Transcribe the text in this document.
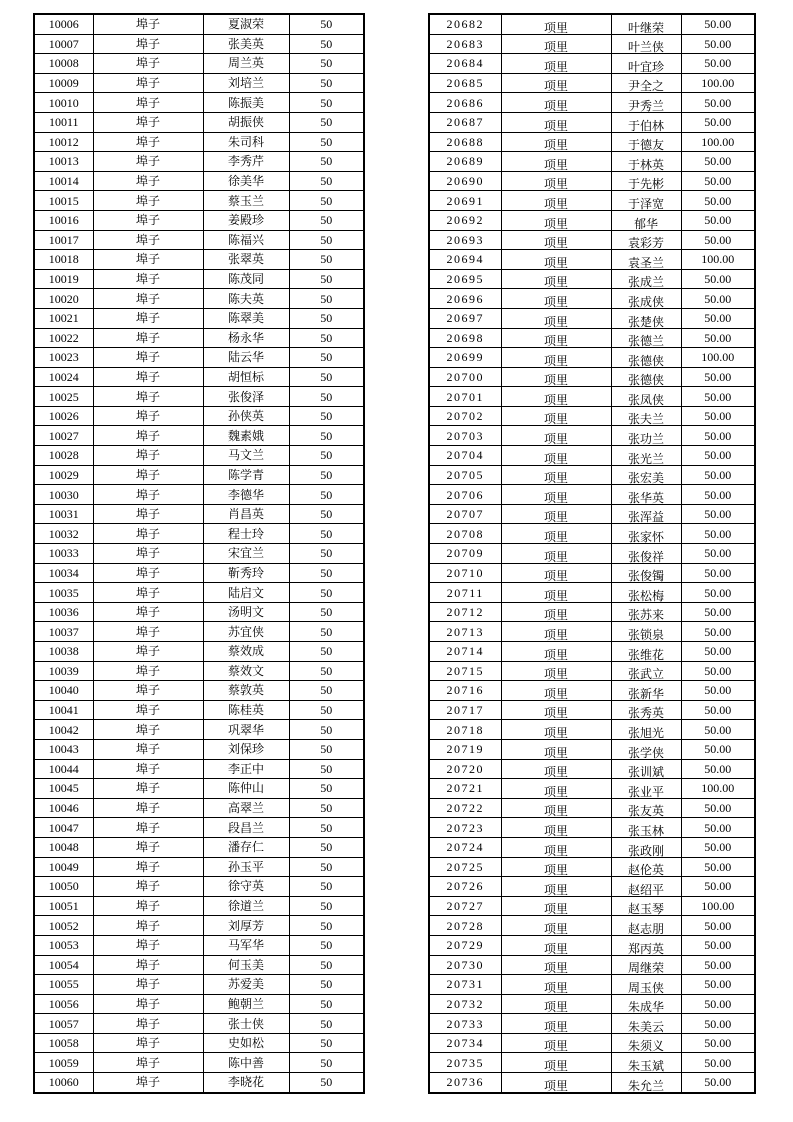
10006	埠子	夏淑荣	50
10007	埠子	张美英	50
10008	埠子	周兰英	50
10009	埠子	刘培兰	50
10010	埠子	陈振美	50
10011	埠子	胡振侠	50
10012	埠子	朱司科	50
10013	埠子	李秀芹	50
10014	埠子	徐美华	50
10015	埠子	蔡玉兰	50
10016	埠子	姜殿珍	50
10017	埠子	陈福兴	50
10018	埠子	张翠英	50
10019	埠子	陈茂同	50
10020	埠子	陈夫英	50
10021	埠子	陈翠美	50
10022	埠子	杨永华	50
10023	埠子	陆云华	50
10024	埠子	胡恒标	50
10025	埠子	张俊泽	50
10026	埠子	孙侠英	50
10027	埠子	魏素娥	50
10028	埠子	马文兰	50
10029	埠子	陈学青	50
10030	埠子	李德华	50
10031	埠子	肖昌英	50
10032	埠子	程士玲	50
10033	埠子	宋宜兰	50
10034	埠子	靳秀玲	50
10035	埠子	陆启文	50
10036	埠子	汤明文	50
10037	埠子	苏宜侠	50
10038	埠子	蔡效成	50
10039	埠子	蔡效文	50
10040	埠子	蔡敦英	50
10041	埠子	陈桂英	50
10042	埠子	巩翠华	50
10043	埠子	刘保珍	50
10044	埠子	李正中	50
10045	埠子	陈仲山	50
10046	埠子	高翠兰	50
10047	埠子	段昌兰	50
10048	埠子	潘存仁	50
10049	埠子	孙玉平	50
10050	埠子	徐守英	50
10051	埠子	徐道兰	50
10052	埠子	刘厚芳	50
10053	埠子	马军华	50
10054	埠子	何玉美	50
10055	埠子	苏爱美	50
10056	埠子	鲍朝兰	50
10057	埠子	张士侠	50
10058	埠子	史如松	50
10059	埠子	陈中善	50
10060	埠子	李晓花	50
20682	项里	叶继荣	50.00
20683	项里	叶兰侠	50.00
20684	项里	叶宜珍	50.00
20685	项里	尹全之	100.00
20686	项里	尹秀兰	50.00
20687	项里	于伯林	50.00
20688	项里	于德友	100.00
20689	项里	于林英	50.00
20690	项里	于先彬	50.00
20691	项里	于泽宽	50.00
20692	项里	郁华	50.00
20693	项里	袁彩芳	50.00
20694	项里	袁圣兰	100.00
20695	项里	张成兰	50.00
20696	项里	张成侠	50.00
20697	项里	张楚侠	50.00
20698	项里	张德兰	50.00
20699	项里	张德侠	100.00
20700	项里	张德侠	50.00
20701	项里	张凤侠	50.00
20702	项里	张夫兰	50.00
20703	项里	张功兰	50.00
20704	项里	张光兰	50.00
20705	项里	张宏美	50.00
20706	项里	张华英	50.00
20707	项里	张浑益	50.00
20708	项里	张家怀	50.00
20709	项里	张俊祥	50.00
20710	项里	张俊镯	50.00
20711	项里	张松梅	50.00
20712	项里	张苏来	50.00
20713	项里	张锁泉	50.00
20714	项里	张维花	50.00
20715	项里	张武立	50.00
20716	项里	张新华	50.00
20717	项里	张秀英	50.00
20718	项里	张旭光	50.00
20719	项里	张学侠	50.00
20720	项里	张训斌	50.00
20721	项里	张业平	100.00
20722	项里	张友英	50.00
20723	项里	张玉林	50.00
20724	项里	张政刚	50.00
20725	项里	赵伦英	50.00
20726	项里	赵绍平	50.00
20727	项里	赵玉琴	100.00
20728	项里	赵志朋	50.00
20729	项里	郑丙英	50.00
20730	项里	周继荣	50.00
20731	项里	周玉侠	50.00
20732	项里	朱成华	50.00
20733	项里	朱美云	50.00
20734	项里	朱须义	50.00
20735	项里	朱玉斌	50.00
20736	项里	朱允兰	50.00
